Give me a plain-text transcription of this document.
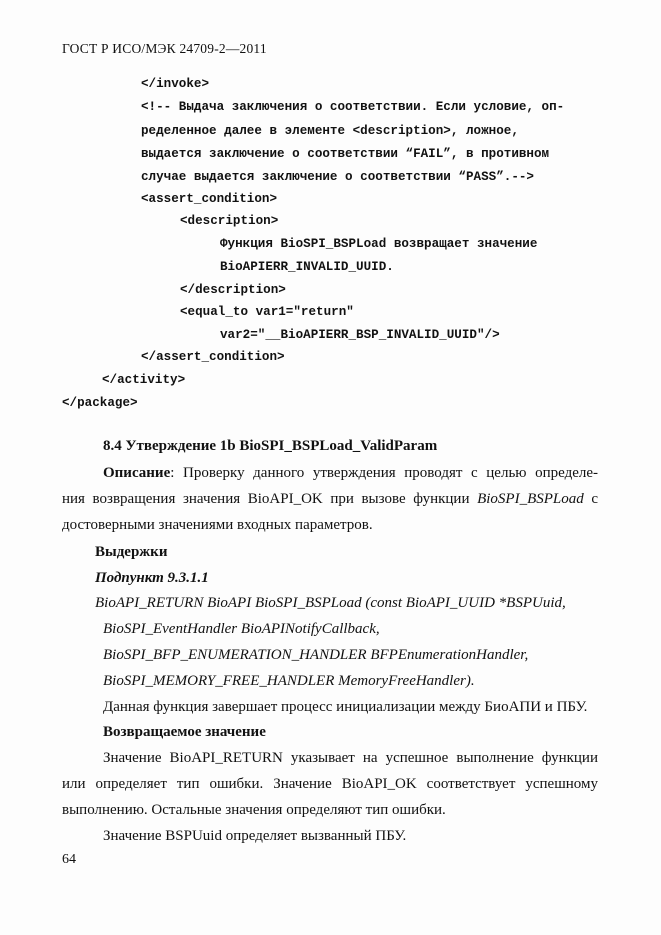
ГОСТ Р ИСО/МЭК 24709-2—2011
</invoke>
<!-- Выдача заключения о соответствии. Если условие, оп-
ределенное далее в элементе <description>, ложное,
выдается заключение о соответствии “FAIL”, в противном
случае выдается заключение о соответствии “PASS”.-->
<assert_condition>
<description>
Функция BioSPI_BSPLoad возвращает значение
BioAPIERR_INVALID_UUID.
</description>
<equal_to var1="return"
var2="__BioAPIERR_BSP_INVALID_UUID"/>
</assert_condition>
</activity>
</package>
8.4 Утверждение 1b BioSPI_BSPLoad_ValidParam
Описание: Проверку данного утверждения проводят с целью определе-
ния возвращения значения BioAPI_OK при вызове функции BioSPI_BSPLoad с
достоверными значениями входных параметров.
Выдержки
Подпункт 9.3.1.1
BioAPI_RETURN BioAPI BioSPI_BSPLoad (const BioAPI_UUID *BSPUuid,
BioSPI_EventHandler BioAPINotifyCallback,
BioSPI_BFP_ENUMERATION_HANDLER BFPEnumerationHandler,
BioSPI_MEMORY_FREE_HANDLER MemoryFreeHandler).
Данная функция завершает процесс инициализации между БиоАПИ и ПБУ.
Возвращаемое значение
Значение BioAPI_RETURN указывает на успешное выполнение функции
или определяет тип ошибки. Значение BioAPI_OK соответствует успешному
выполнению. Остальные значения определяют тип ошибки.
Значение BSPUuid определяет вызванный ПБУ.
64
